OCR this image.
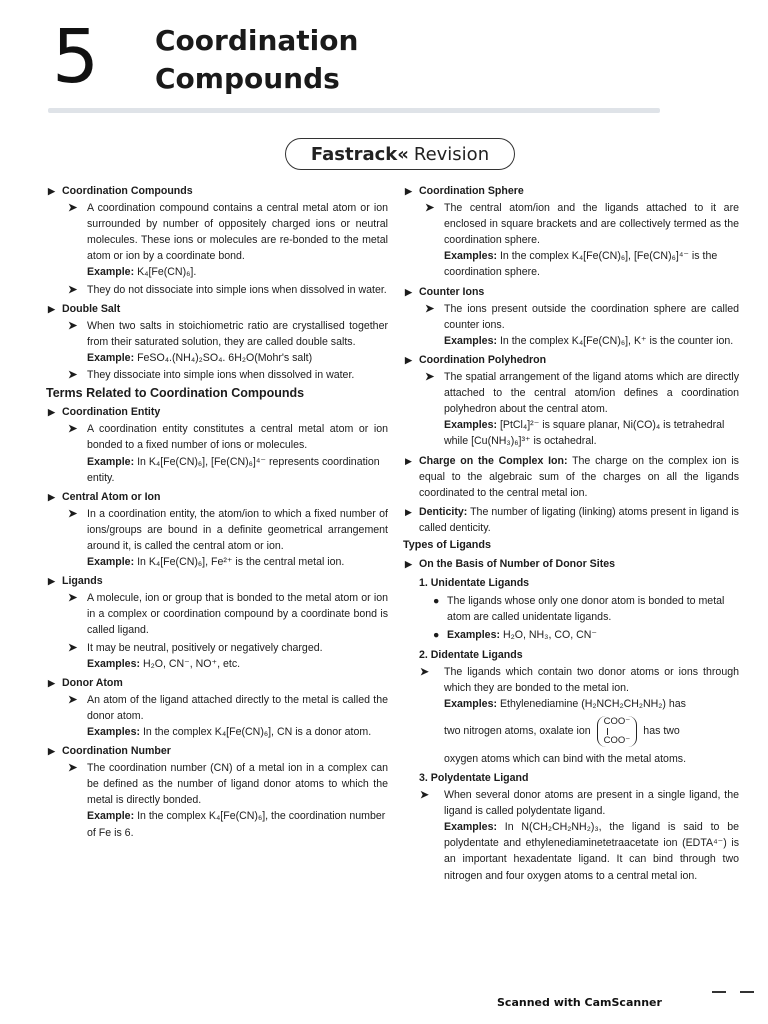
5 Coordination
Compounds
Fastrack« Revision
▶ Coordination Compounds
➤ A coordination compound contains a central metal atom or ion surrounded by number of oppositely charged ions or neutral molecules. These ions or molecules are re-bonded to the metal atom or ion by a coordinate bond.
Example: K₄[Fe(CN)₆].
➤ They do not dissociate into simple ions when dissolved in water.
▶ Double Salt
➤ When two salts in stoichiometric ratio are crystallised together from their saturated solution, they are called double salts.
Example: FeSO₄.(NH₄)₂SO₄. 6H₂O(Mohr's salt)
➤ They dissociate into simple ions when dissolved in water.
Terms Related to Coordination Compounds
▶ Coordination Entity
➤ A coordination entity constitutes a central metal atom or ion bonded to a fixed number of ions or molecules.
Example: In K₄[Fe(CN)₆], [Fe(CN)₆]⁴⁻ represents coordination entity.
▶ Central Atom or Ion
➤ In a coordination entity, the atom/ion to which a fixed number of ions/groups are bound in a definite geometrical arrangement around it, is called the central atom or ion.
Example: In K₄[Fe(CN)₆], Fe²⁺ is the central metal ion.
▶ Ligands
➤ A molecule, ion or group that is bonded to the metal atom or ion in a complex or coordination compound by a coordinate bond is called ligand.
➤ It may be neutral, positively or negatively charged.
Examples: H₂O, CN⁻, NO⁺, etc.
▶ Donor Atom
➤ An atom of the ligand attached directly to the metal is called the donor atom.
Examples: In the complex K₄[Fe(CN)₆], CN is a donor atom.
▶ Coordination Number
➤ The coordination number (CN) of a metal ion in a complex can be defined as the number of ligand donor atoms to which the metal is directly bonded.
Example: In the complex K₄[Fe(CN)₆], the coordination number of Fe is 6.
▶ Coordination Sphere
➤ The central atom/ion and the ligands attached to it are enclosed in square brackets and are collectively termed as the coordination sphere.
Examples: In the complex K₄[Fe(CN)₆], [Fe(CN)₆]⁴⁻ is the coordination sphere.
▶ Counter Ions
➤ The ions present outside the coordination sphere are called counter ions.
Examples: In the complex K₄[Fe(CN)₆], K⁺ is the counter ion.
▶ Coordination Polyhedron
➤ The spatial arrangement of the ligand atoms which are directly attached to the central atom/ion defines a coordination polyhedron about the central atom.
Examples: [PtCl₄]²⁻ is square planar, Ni(CO)₄ is tetrahedral while [Cu(NH₃)₆]³⁺ is octahedral.
▶ Charge on the Complex Ion: The charge on the complex ion is equal to the algebraic sum of the charges on all the ligands coordinated to the central metal ion.
▶ Denticity: The number of ligating (linking) atoms present in ligand is called denticity.
Types of Ligands
▶ On the Basis of Number of Donor Sites
1. Unidentate Ligands
● The ligands whose only one donor atom is bonded to metal atom are called unidentate ligands.
● Examples: H₂O, NH₃, CO, CN⁻
2. Didentate Ligands
➤ The ligands which contain two donor atoms or ions through which they are bonded to the metal ion.
Examples: Ethylenediamine (H₂NCH₂CH₂NH₂) has
two nitrogen atoms, oxalate ion
COO⁻
COO⁻
has two
oxygen atoms which can bind with the metal atoms.
3. Polydentate Ligand
➤ When several donor atoms are present in a single ligand, the ligand is called polydentate ligand.
Examples: In N(CH₂CH₂NH₂)₃, the ligand is said to be polydentate and ethylenediaminetetraacetate ion (EDTA⁴⁻) is an important hexadentate ligand. It can bind through two nitrogen and four oxygen atoms to a central metal ion.
Scanned with CamScanner
